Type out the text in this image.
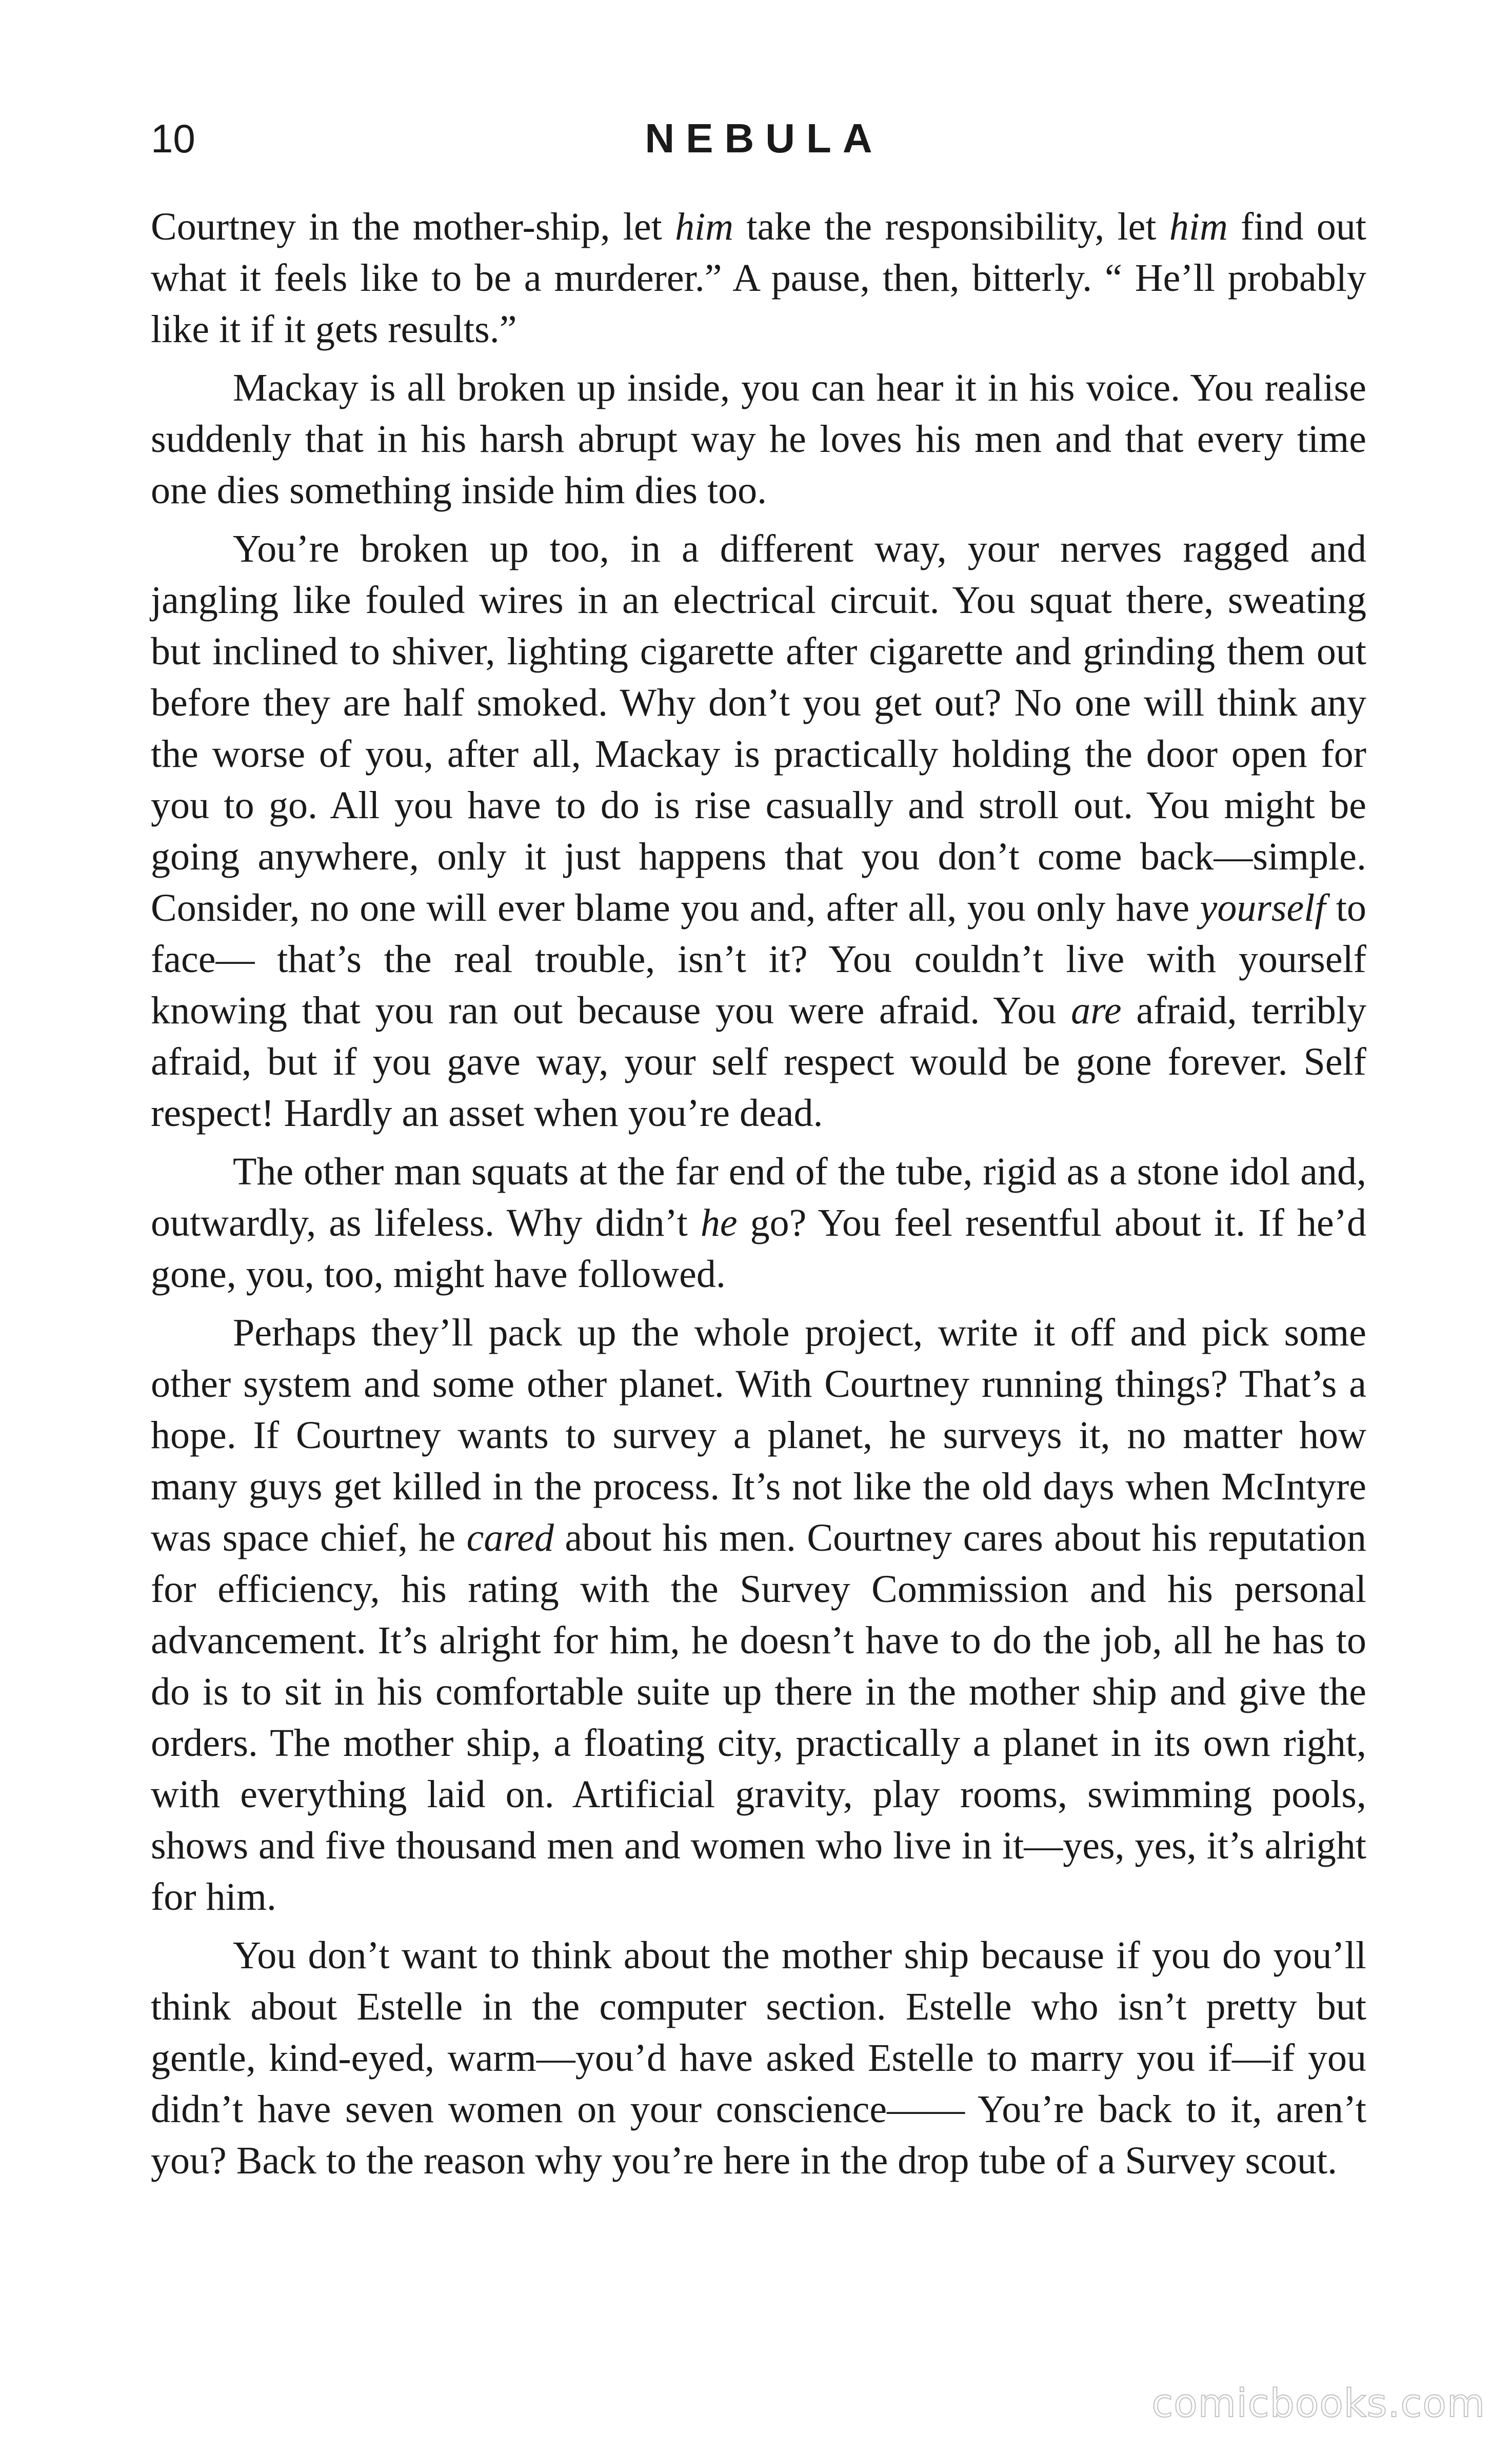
10	NEBULA

Courtney in the mother-ship, let him take the responsibility, let him find out what it feels like to be a murderer.” A pause, then, bitterly. “ He’ll probably like it if it gets results.”

Mackay is all broken up inside, you can hear it in his voice. You realise suddenly that in his harsh abrupt way he loves his men and that every time one dies something inside him dies too.

You’re broken up too, in a different way, your nerves ragged and jangling like fouled wires in an electrical circuit. You squat there, sweating but inclined to shiver, lighting cigarette after cigarette and grinding them out before they are half smoked. Why don’t you get out? No one will think any the worse of you, after all, Mackay is practically holding the door open for you to go. All you have to do is rise casually and stroll out. You might be going anywhere, only it just happens that you don’t come back—simple. Consider, no one will ever blame you and, after all, you only have yourself to face— that’s the real trouble, isn’t it? You couldn’t live with yourself knowing that you ran out because you were afraid. You are afraid, terribly afraid, but if you gave way, your self respect would be gone forever. Self respect! Hardly an asset when you’re dead.

The other man squats at the far end of the tube, rigid as a stone idol and, outwardly, as lifeless. Why didn’t he go? You feel resentful about it. If he’d gone, you, too, might have followed.

Perhaps they’ll pack up the whole project, write it off and pick some other system and some other planet. With Courtney running things? That’s a hope. If Courtney wants to survey a planet, he surveys it, no matter how many guys get killed in the process. It’s not like the old days when McIntyre was space chief, he cared about his men. Courtney cares about his reputation for efficiency, his rating with the Survey Commission and his personal advancement. It’s alright for him, he doesn’t have to do the job, all he has to do is to sit in his comfortable suite up there in the mother ship and give the orders. The mother ship, a floating city, practically a planet in its own right, with everything laid on. Artificial gravity, play rooms, swimming pools, shows and five thousand men and women who live in it—yes, yes, it’s alright for him.

You don’t want to think about the mother ship because if you do you’ll think about Estelle in the computer section. Estelle who isn’t pretty but gentle, kind-eyed, warm—you’d have asked Estelle to marry you if—if you didn’t have seven women on your conscience—— You’re back to it, aren’t you? Back to the reason why you’re here in the drop tube of a Survey scout.

comicbooks.com
